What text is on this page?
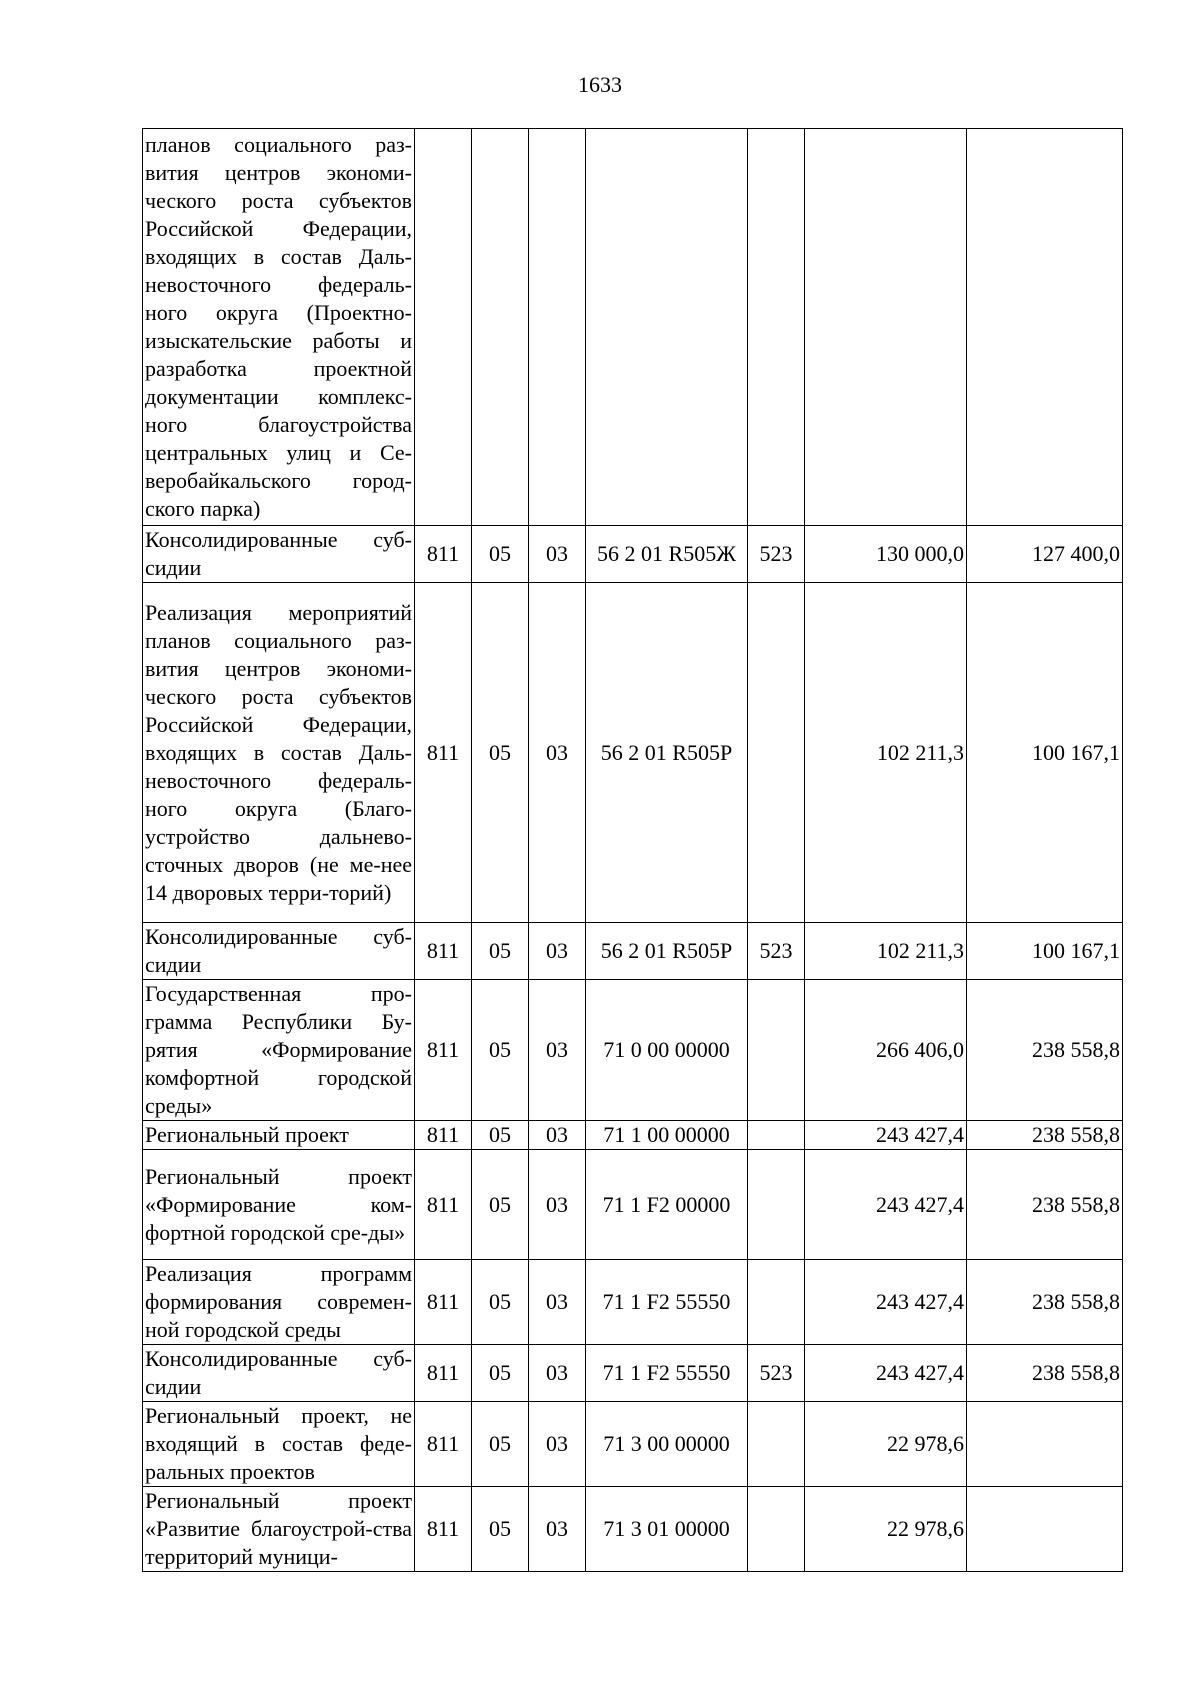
1633
планов социального раз-вития центров экономи-ческого роста субъектов Российской Федерации, входящих в состав Даль-невосточного федераль-ного округа (Проектно-изыскательские работы и разработка проектной документации комплекс-ного благоустройства центральных улиц и Се-веробайкальского город-ского парка)							
Консолидированные суб-сидии	811	05	03	56 2 01 R505Ж	523	130 000,0	127 400,0
Реализация мероприятий планов социального раз-вития центров экономи-ческого роста субъектов Российской Федерации, входящих в состав Даль-невосточного федераль-ного округа (Благо-устройство дальнево-сточных дворов (не ме-нее 14 дворовых терри-торий)	811	05	03	56 2 01 R505Р		102 211,3	100 167,1
Консолидированные суб-сидии	811	05	03	56 2 01 R505Р	523	102 211,3	100 167,1
Государственная про-грамма Республики Бу-рятия «Формирование комфортной городской среды»	811	05	03	71 0 00 00000		266 406,0	238 558,8
Региональный проект	811	05	03	71 1 00 00000		243 427,4	238 558,8
Региональный проект «Формирование ком-фортной городской сре-ды»	811	05	03	71 1 F2 00000		243 427,4	238 558,8
Реализация программ формирования современ-ной городской среды	811	05	03	71 1 F2 55550		243 427,4	238 558,8
Консолидированные суб-сидии	811	05	03	71 1 F2 55550	523	243 427,4	238 558,8
Региональный проект, не входящий в состав феде-ральных проектов	811	05	03	71 3 00 00000		22 978,6	
Региональный проект «Развитие благоустрой-ства территорий муници-	811	05	03	71 3 01 00000		22 978,6	
